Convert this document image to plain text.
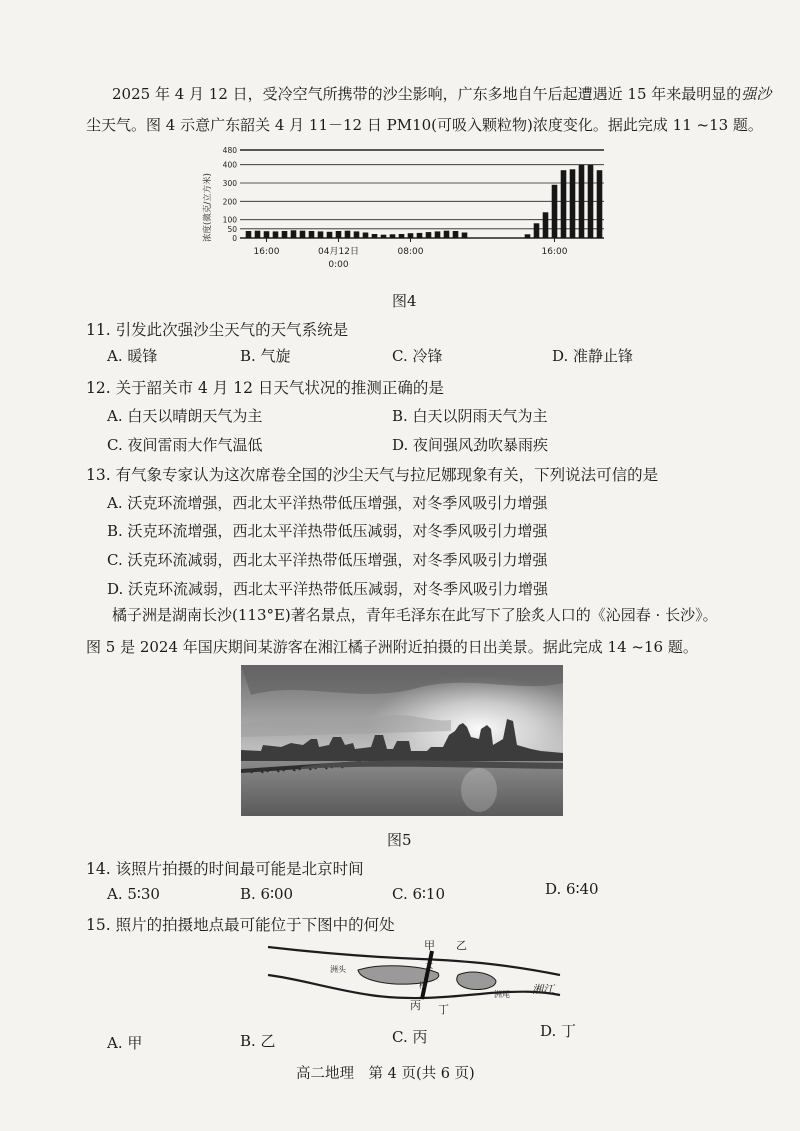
2025 年 4 月 12 日，受冷空气所携带的沙尘影响，广东多地自午后起遭遇近 15 年来最明显的强沙
尘天气。图 4 示意广东韶关 4 月 11－12 日 PM10(可吸入颗粒物)浓度变化。据此完成 11 ~13 题。
480
400
300
200
100
50
0
16:00	04月12日
0:00
08:00	16:00
浓度(微克/立方米)
图4
11. 引发此次强沙尘天气的天气系统是
A. 暖锋	B. 气旋	C. 冷锋	D. 准静止锋
12. 关于韶关市 4 月 12 日天气状况的推测正确的是
A. 白天以晴朗天气为主	B. 白天以阴雨天气为主
C. 夜间雷雨大作气温低	D. 夜间强风劲吹暴雨疾
13. 有气象专家认为这次席卷全国的沙尘天气与拉尼娜现象有关，下列说法可信的是
A. 沃克环流增强，西北太平洋热带低压增强，对冬季风吸引力增强
B. 沃克环流增强，西北太平洋热带低压减弱，对冬季风吸引力增强
C. 沃克环流减弱，西北太平洋热带低压增强，对冬季风吸引力增强
D. 沃克环流减弱，西北太平洋热带低压减弱，对冬季风吸引力增强
橘子洲是湖南长沙(113°E)著名景点，青年毛泽东在此写下了脍炙人口的《沁园春 · 长沙》。
图 5 是 2024 年国庆期间某游客在湘江橘子洲附近拍摄的日出美景。据此完成 14 ~16 题。
图5
14. 该照片拍摄的时间最可能是北京时间
A. 5∶30	B. 6∶00	C. 6∶10	D. 6∶40
15. 照片的拍摄地点最可能位于下图中的何处
甲 乙
大
桥
丙 丁
洲头
洲尾 湘江
A. 甲	B. 乙	C. 丙	D. 丁
高二地理　第 4 页(共 6 页)
